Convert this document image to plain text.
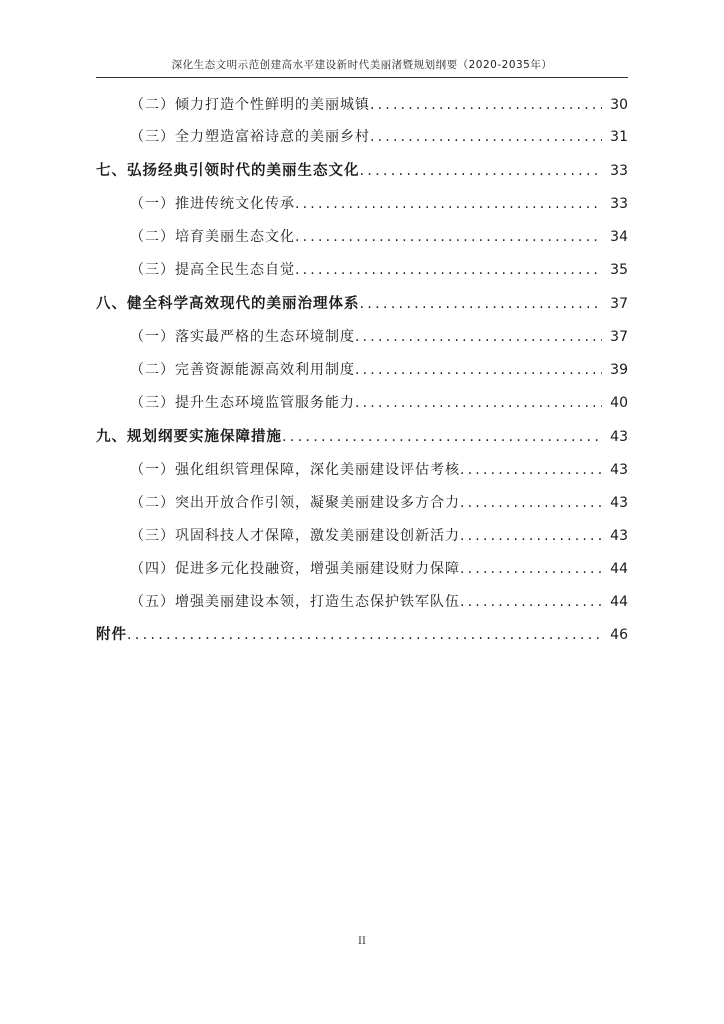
深化生态文明示范创建高水平建设新时代美丽渚暨规划纲要（2020-2035年）
（二）倾力打造个性鲜明的美丽城镇 .....	30
（三）全力塑造富裕诗意的美丽乡村 .....	31
七、弘扬经典引领时代的美丽生态文化 .....	33
（一）推进传统文化传承 .....	33
（二）培育美丽生态文化 .....	34
（三）提高全民生态自觉 .....	35
八、健全科学高效现代的美丽治理体系 .....	37
（一）落实最严格的生态环境制度 .....	37
（二）完善资源能源高效利用制度 .....	39
（三）提升生态环境监管服务能力 .....	40
九、规划纲要实施保障措施 .....	43
（一）强化组织管理保障，深化美丽建设评估考核 .....	43
（二）突出开放合作引领，凝聚美丽建设多方合力 .....	43
（三）巩固科技人才保障，激发美丽建设创新活力 .....	43
（四）促进多元化投融资，增强美丽建设财力保障 .....	44
（五）增强美丽建设本领，打造生态保护铁军队伍 .....	44
附件 .....	46
II
